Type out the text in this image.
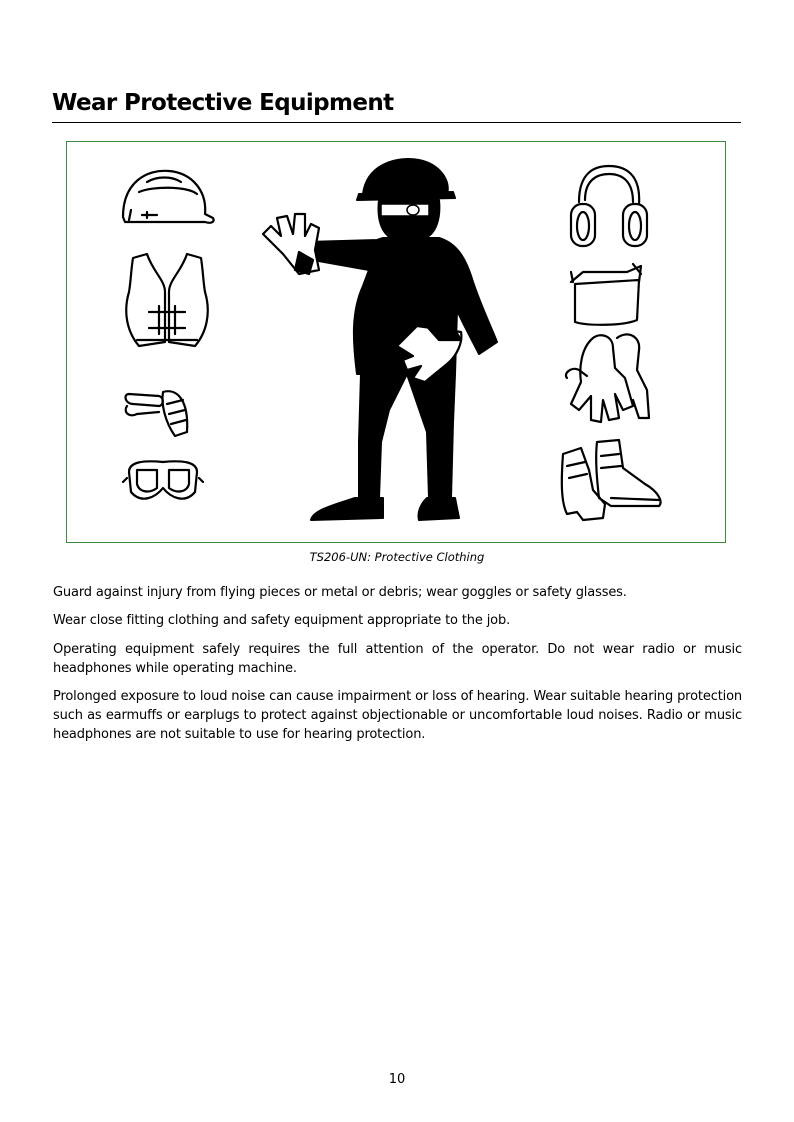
Wear Protective Equipment
TS206-UN: Protective Clothing

Guard against injury from flying pieces or metal or debris; wear goggles or safety glasses.

Wear close fitting clothing and safety equipment appropriate to the job.

Operating equipment safely requires the full attention of the operator. Do not wear radio or music headphones while operating machine.

Prolonged exposure to loud noise can cause impairment or loss of hearing. Wear suitable hearing protection such as earmuffs or earplugs to protect against objectionable or uncomfortable loud noises. Radio or music headphones are not suitable to use for hearing protection.

10
